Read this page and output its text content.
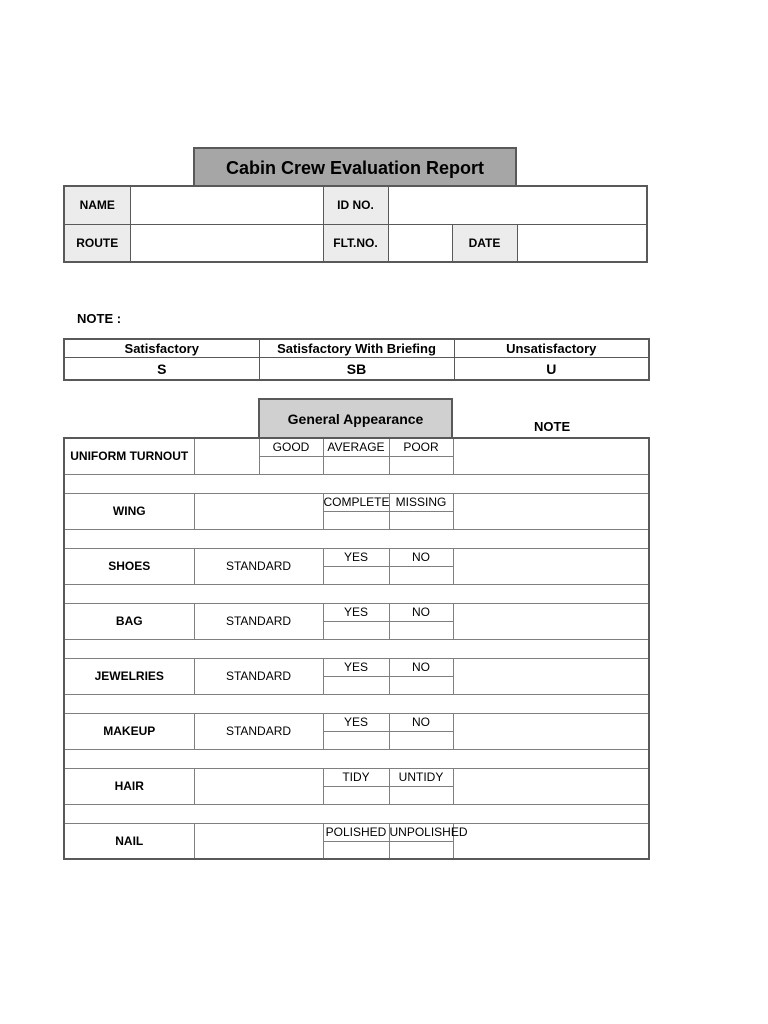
Cabin Crew Evaluation Report
NAME		ID NO.			
ROUTE		FLT.NO.		DATE	
NOTE :
Satisfactory	Satisfactory With Briefing	Unsatisfactory
S	SB	U
General Appearance	NOTE
UNIFORM TURNOUT		GOOD	AVERAGE	POOR	

WING			COMPLETE	MISSING	

SHOES	STANDARD		YES	NO	

BAG	STANDARD		YES	NO	

JEWELRIES	STANDARD		YES	NO	

MAKEUP	STANDARD		YES	NO	

HAIR			TIDY	UNTIDY	

NAIL			POLISHED	UNPOLISHED	
